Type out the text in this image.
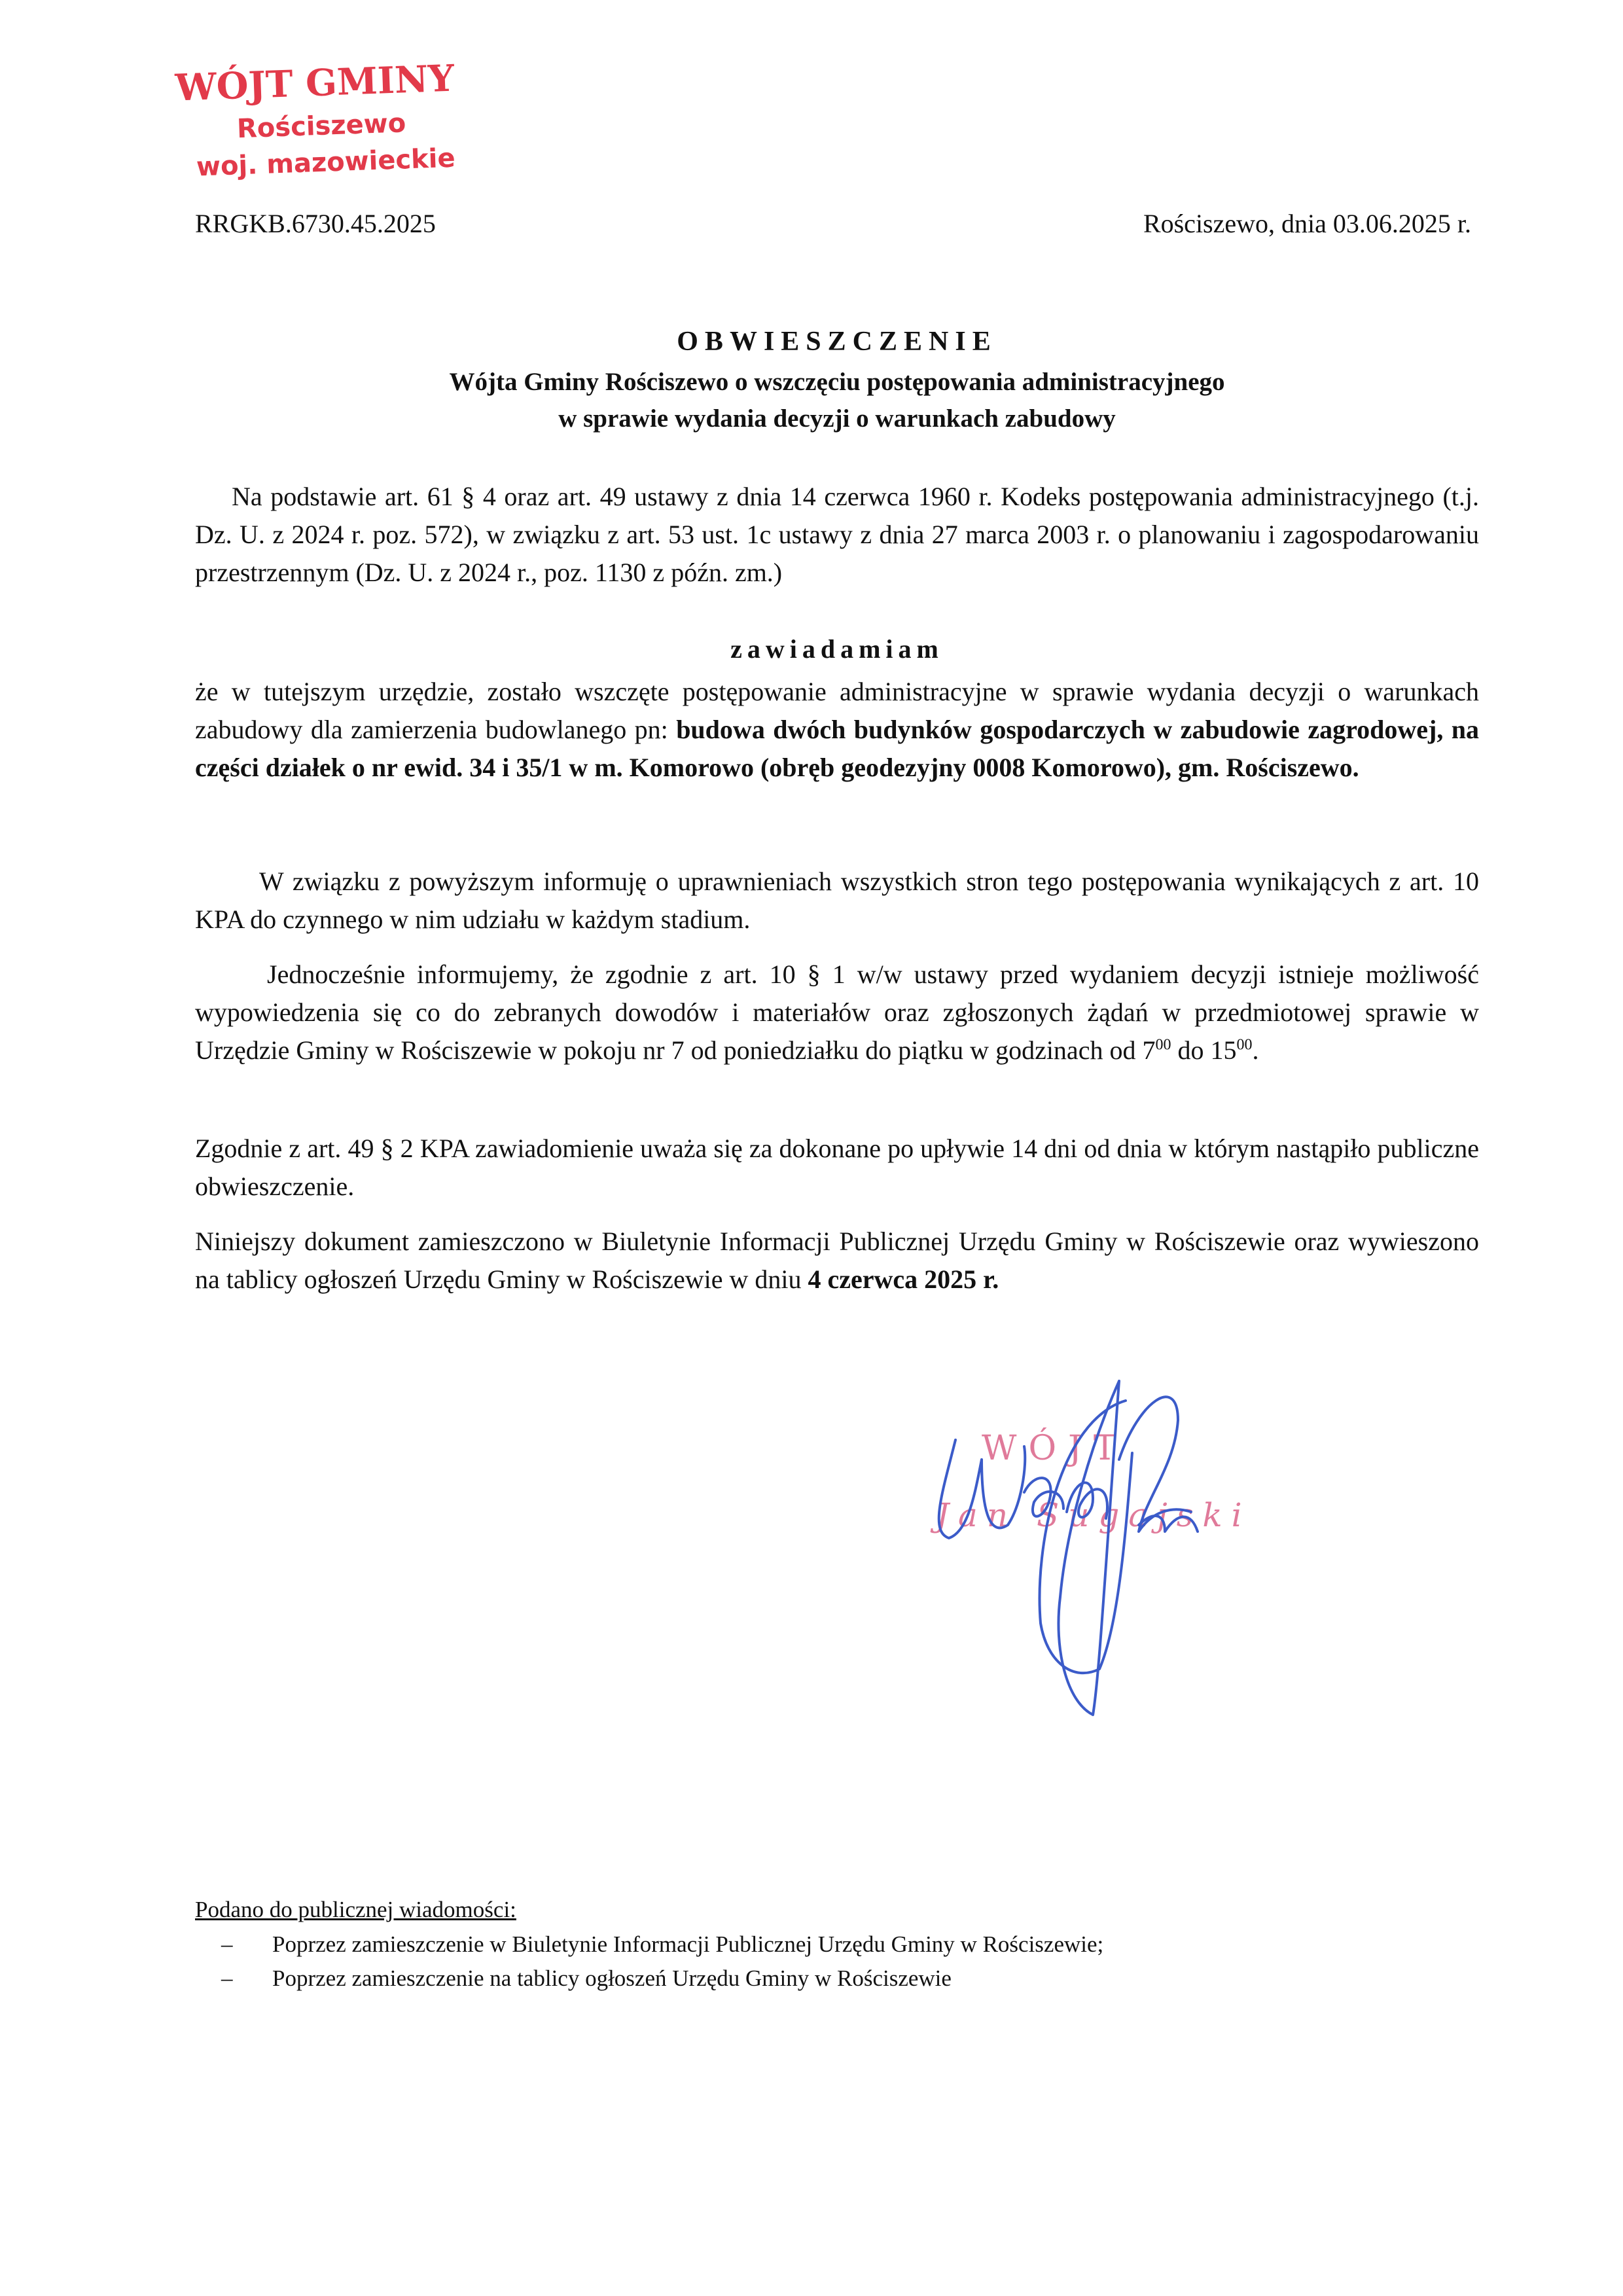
WÓJT GMINY
Rościszewo
woj. mazowieckie
RRGKB.6730.45.2025	Rościszewo, dnia 03.06.2025 r.
OBWIESZCZENIE
Wójta Gminy Rościszewo o wszczęciu postępowania administracyjnego
w sprawie wydania decyzji o warunkach zabudowy
Na podstawie art. 61 § 4 oraz art. 49 ustawy z dnia 14 czerwca 1960 r. Kodeks postępowania administracyjnego (t.j. Dz. U. z 2024 r. poz. 572), w związku z art. 53 ust. 1c ustawy z dnia 27 marca 2003 r. o planowaniu i zagospodarowaniu przestrzennym (Dz. U. z 2024 r., poz. 1130 z późn. zm.)
zawiadamiam
że w tutejszym urzędzie, zostało wszczęte postępowanie administracyjne w sprawie wydania decyzji o warunkach zabudowy dla zamierzenia budowlanego pn: budowa dwóch budynków gospodarczych w zabudowie zagrodowej, na części działek o nr ewid. 34 i 35/1 w m. Komorowo (obręb geodezyjny 0008 Komorowo), gm. Rościszewo.
W związku z powyższym informuję o uprawnieniach wszystkich stron tego postępowania wynikających z art. 10 KPA do czynnego w nim udziału w każdym stadium.
Jednocześnie informujemy, że zgodnie z art. 10 § 1 w/w ustawy przed wydaniem decyzji istnieje możliwość wypowiedzenia się co do zebranych dowodów i materiałów oraz zgłoszonych żądań w przedmiotowej sprawie w Urzędzie Gminy w Rościszewie w pokoju nr 7 od poniedziałku do piątku w godzinach od $7^{00}$ do $15^{00}$.
Zgodnie z art. 49 § 2 KPA zawiadomienie uważa się za dokonane po upływie 14 dni od dnia w którym nastąpiło publiczne obwieszczenie.
Niniejszy dokument zamieszczono w Biuletynie Informacji Publicznej Urzędu Gminy w Rościszewie oraz wywieszono na tablicy ogłoszeń Urzędu Gminy w Rościszewie w dniu 4 czerwca 2025 r.
WÓJT
Jan Sugajski
Podano do publicznej wiadomości:
– Poprzez zamieszczenie w Biuletynie Informacji Publicznej Urzędu Gminy w Rościszewie;
– Poprzez zamieszczenie na tablicy ogłoszeń Urzędu Gminy w Rościszewie
